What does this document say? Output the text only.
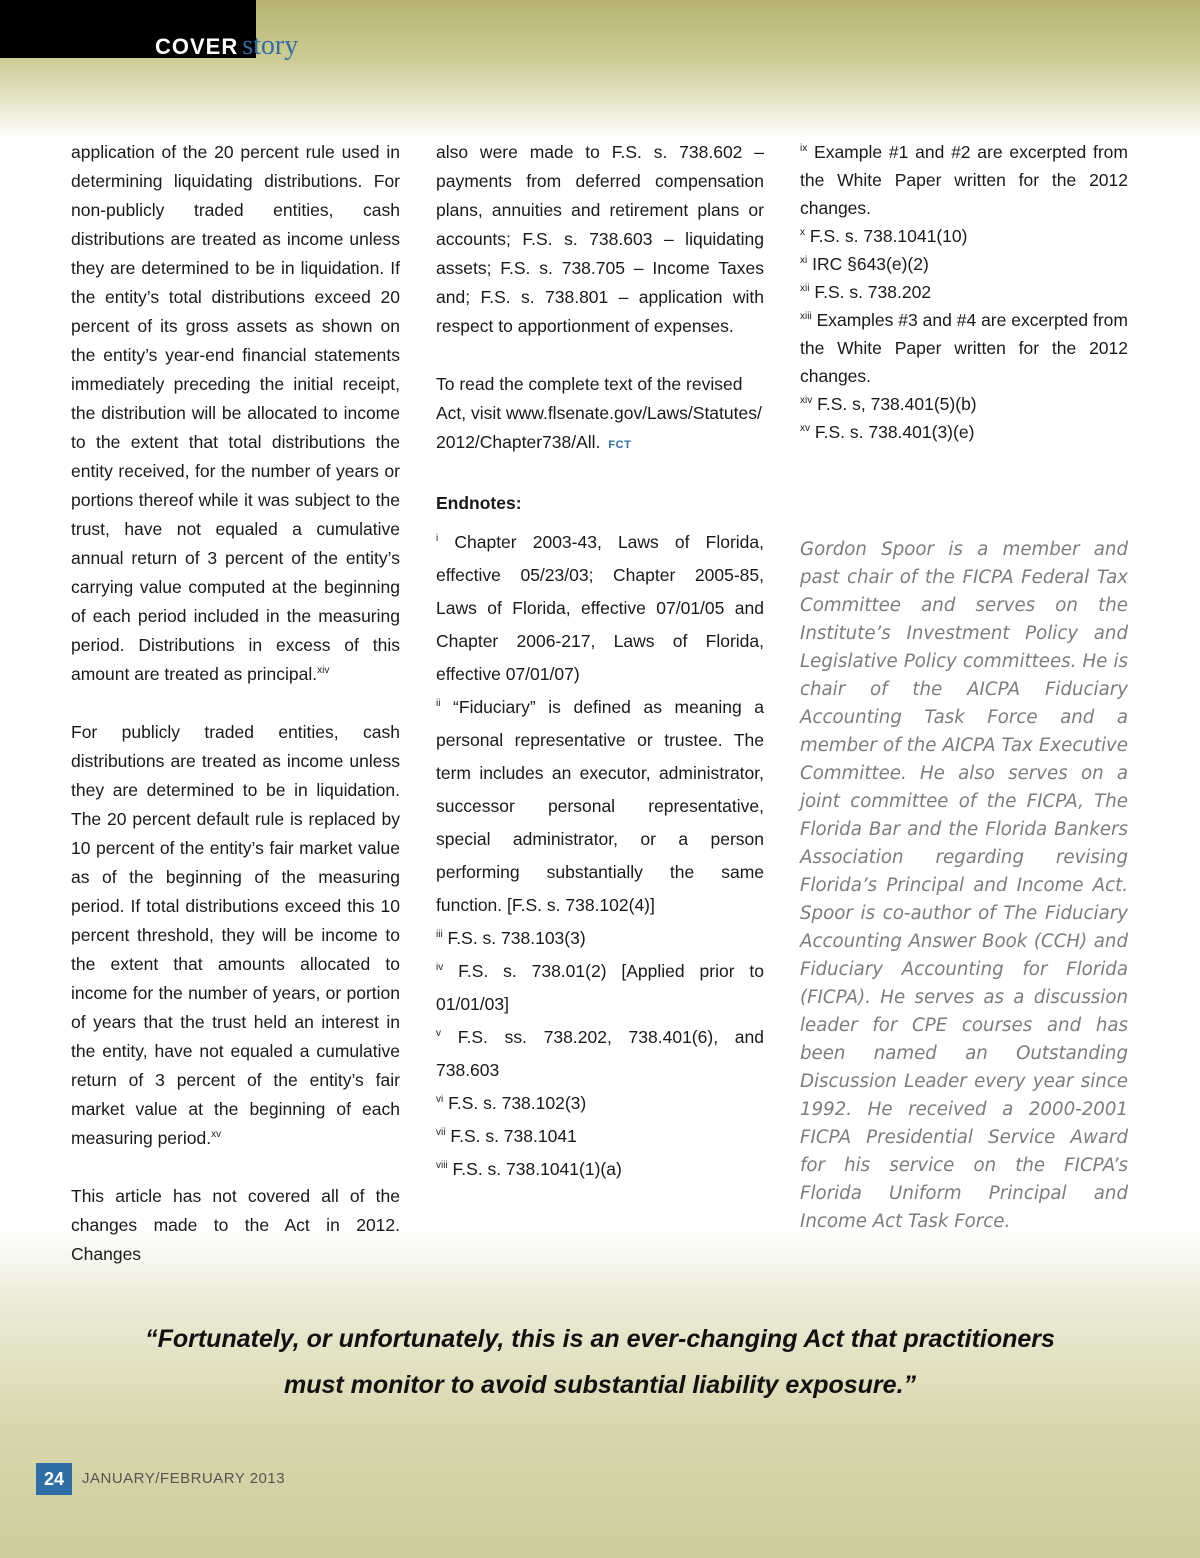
COVER story

application of the 20 percent rule used in determining liquidating distributions. For non-publicly traded entities, cash distributions are treated as income unless they are determined to be in liquidation. If the entity’s total distributions exceed 20 percent of its gross assets as shown on the entity’s year-end financial statements immediately preceding the initial receipt, the distribution will be allocated to income to the extent that total distributions the entity received, for the number of years or portions thereof while it was subject to the trust, have not equaled a cumulative annual return of 3 percent of the entity’s carrying value computed at the beginning of each period included in the measuring period. Distributions in excess of this amount are treated as principal.$^{xiv}$

For publicly traded entities, cash distributions are treated as income unless they are determined to be in liquidation. The 20 percent default rule is replaced by 10 percent of the entity’s fair market value as of the beginning of the measuring period. If total distributions exceed this 10 percent threshold, they will be income to the extent that amounts allocated to income for the number of years, or portion of years that the trust held an interest in the entity, have not equaled a cumulative return of 3 percent of the entity’s fair market value at the beginning of each measuring period.$^{xv}$

This article has not covered all of the changes made to the Act in 2012. Changes

also were made to F.S. s. 738.602 – payments from deferred compensation plans, annuities and retirement plans or accounts; F.S. s. 738.603 – liquidating assets; F.S. s. 738.705 – Income Taxes and; F.S. s. 738.801 – application with respect to apportionment of expenses.

To read the complete text of the revised Act, visit www.flsenate.gov/Laws/Statutes/ 2012/Chapter738/All. FCT

Endnotes:

$^i$ Chapter 2003-43, Laws of Florida, effective 05/23/03; Chapter 2005-85, Laws of Florida, effective 07/01/05 and Chapter 2006-217, Laws of Florida, effective 07/01/07)

$^{ii}$ “Fiduciary” is defined as meaning a personal representative or trustee. The term includes an executor, administrator, successor personal representative, special administrator, or a person performing substantially the same function. [F.S. s. 738.102(4)]

$^{iii}$ F.S. s. 738.103(3)

$^{iv}$ F.S. s. 738.01(2) [Applied prior to 01/01/03]

$^v$ F.S. ss. 738.202, 738.401(6), and 738.603

$^{vi}$ F.S. s. 738.102(3)

$^{vii}$ F.S. s. 738.1041

$^{viii}$ F.S. s. 738.1041(1)(a)

$^{ix}$ Example #1 and #2 are excerpted from the White Paper written for the 2012 changes.

$^x$ F.S. s. 738.1041(10)

$^{xi}$ IRC §643(e)(2)

$^{xii}$ F.S. s. 738.202

$^{xiii}$ Examples #3 and #4 are excerpted from the White Paper written for the 2012 changes.

$^{xiv}$ F.S. s, 738.401(5)(b)

$^{xv}$ F.S. s. 738.401(3)(e)

Gordon Spoor is a member and past chair of the FICPA Federal Tax Committee and serves on the Institute’s Investment Policy and Legislative Policy committees. He is chair of the AICPA Fiduciary Accounting Task Force and a member of the AICPA Tax Executive Committee. He also serves on a joint committee of the FICPA, The Florida Bar and the Florida Bankers Association regarding revising Florida’s Principal and Income Act. Spoor is co-author of The Fiduciary Accounting Answer Book (CCH) and Fiduciary Accounting for Florida (FICPA). He serves as a discussion leader for CPE courses and has been named an Outstanding Discussion Leader every year since 1992. He received a 2000-2001 FICPA Presidential Service Award for his service on the FICPA’s Florida Uniform Principal and Income Act Task Force.

“Fortunately, or unfortunately, this is an ever-changing Act that practitioners
must monitor to avoid substantial liability exposure.”
24	JANUARY/FEBRUARY 2013
